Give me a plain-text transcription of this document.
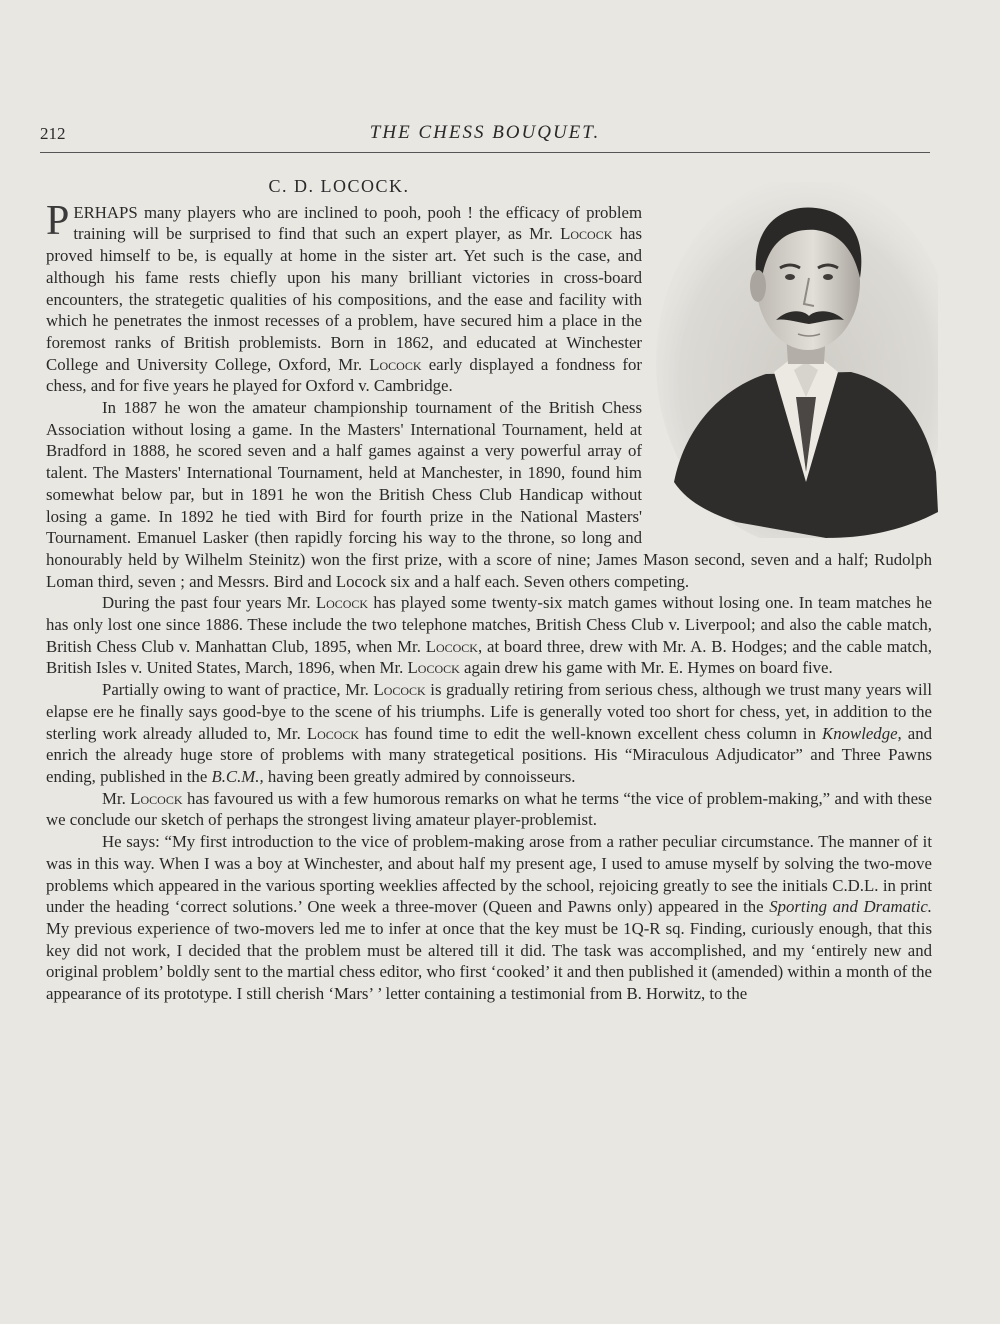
212	THE CHESS BOUQUET.
C. D. LOCOCK.

PERHAPS many players who are inclined to pooh, pooh ! the efficacy of problem training will be surprised to find that such an expert player, as Mr. Locock has proved himself to be, is equally at home in the sister art. Yet such is the case, and although his fame rests chiefly upon his many brilliant victories in cross-board encounters, the strategetic qualities of his compositions, and the ease and facility with which he penetrates the inmost recesses of a problem, have secured him a place in the foremost ranks of British problemists. Born in 1862, and educated at Winchester College and University College, Oxford, Mr. Locock early displayed a fondness for chess, and for five years he played for Oxford v. Cambridge.

In 1887 he won the amateur championship tournament of the British Chess Association without losing a game. In the Masters' International Tournament, held at Bradford in 1888, he scored seven and a half games against a very powerful array of talent. The Masters' International Tournament, held at Manchester, in 1890, found him somewhat below par, but in 1891 he won the British Chess Club Handicap without losing a game. In 1892 he tied with Bird for fourth prize in the National Masters' Tournament. Emanuel Lasker (then rapidly forcing his way to the throne, so long and honourably held by Wilhelm Steinitz) won the first prize, with a score of nine; James Mason second, seven and a half; Rudolph Loman third, seven ; and Messrs. Bird and Locock six and a half each. Seven others competing.

During the past four years Mr. Locock has played some twenty-six match games without losing one. In team matches he has only lost one since 1886. These include the two telephone matches, British Chess Club v. Liverpool; and also the cable match, British Chess Club v. Manhattan Club, 1895, when Mr. Locock, at board three, drew with Mr. A. B. Hodges; and the cable match, British Isles v. United States, March, 1896, when Mr. Locock again drew his game with Mr. E. Hymes on board five.

Partially owing to want of practice, Mr. Locock is gradually retiring from serious chess, although we trust many years will elapse ere he finally says good-bye to the scene of his triumphs. Life is generally voted too short for chess, yet, in addition to the sterling work already alluded to, Mr. Locock has found time to edit the well-known excellent chess column in Knowledge, and enrich the already huge store of problems with many strategetical positions. His “Miraculous Adjudicator” and Three Pawns ending, published in the B.C.M., having been greatly admired by connoisseurs.

Mr. Locock has favoured us with a few humorous remarks on what he terms “the vice of problem-making,” and with these we conclude our sketch of perhaps the strongest living amateur player-problemist.

He says: “My first introduction to the vice of problem-making arose from a rather peculiar circumstance. The manner of it was in this way. When I was a boy at Winchester, and about half my present age, I used to amuse myself by solving the two-move problems which appeared in the various sporting weeklies affected by the school, rejoicing greatly to see the initials C.D.L. in print under the heading ‘correct solutions.’ One week a three-mover (Queen and Pawns only) appeared in the Sporting and Dramatic. My previous experience of two-movers led me to infer at once that the key must be 1Q-R sq. Finding, curiously enough, that this key did not work, I decided that the problem must be altered till it did. The task was accomplished, and my ‘entirely new and original problem’ boldly sent to the martial chess editor, who first ‘cooked’ it and then published it (amended) within a month of the appearance of its prototype. I still cherish ‘Mars’ ’ letter containing a testimonial from B. Horwitz, to the
